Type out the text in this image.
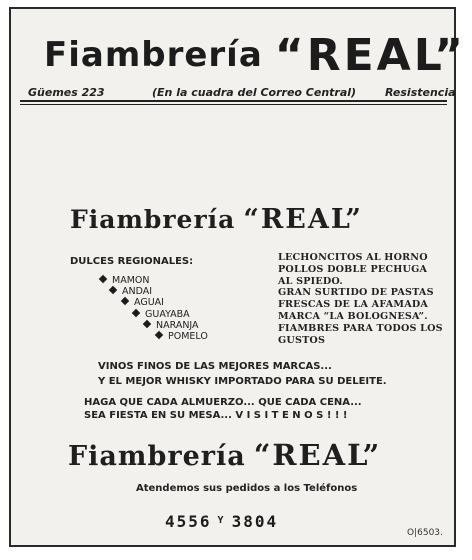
Fiambrería “REAL”
Güemes 223	(En la cuadra del Correo Central)	Resistencia
Fiambrería “REAL”
DULCES REGIONALES:
MAMON
ANDAI
AGUAI
GUAYABA
NARANJA
POMELO
LECHONCITOS AL HORNO
POLLOS DOBLE PECHUGA
AL SPIEDO.
GRAN SURTIDO DE PASTAS
FRESCAS DE LA AFAMADA
MARCA “LA BOLOGNESA”.
FIAMBRES PARA TODOS LOS
GUSTOS
VINOS FINOS DE LAS MEJORES MARCAS...
Y EL MEJOR WHISKY IMPORTADO PARA SU DELEITE.
HAGA QUE CADA ALMUERZO... QUE CADA CENA...
SEA FIESTA EN SU MESA... V I S I T E N O S ! ! !
Fiambrería “REAL”
Atendemos sus pedidos a los Teléfonos
4556 $^Y$ 3804
O|6503.
